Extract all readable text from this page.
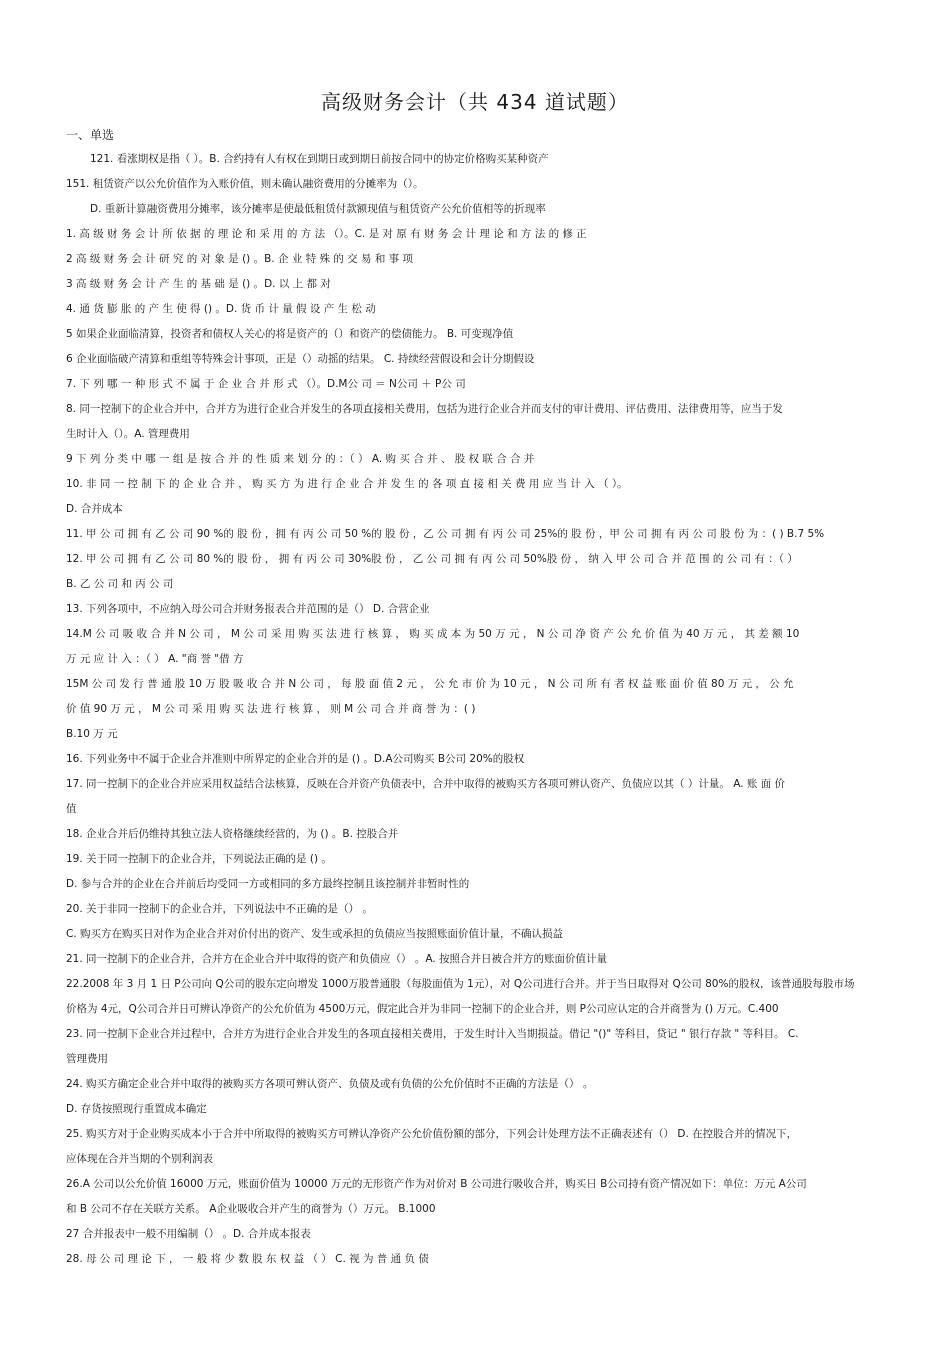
高级财务会计（共 434 道试题）
一、单选
121. 看涨期权是指（ ）。B. 合约持有人有权在到期日或到期日前按合同中的协定价格购买某种资产
151. 租赁资产以公允价值作为入账价值，则未确认融资费用的分摊率为（）。
D. 重新计算融资费用分摊率，该分摊率是使最低租赁付款额现值与租赁资产公允价值相等的折现率
1. 高 级 财 务 会 计 所 依 据 的 理 论 和 采 用 的 方 法 （）。C. 是 对 原 有 财 务 会 计 理 论 和 方 法 的 修 正
2 高 级 财 务 会 计 研 究 的 对 象 是 () 。B. 企 业 特 殊 的 交 易 和 事 项
3 高 级 财 务 会 计 产 生 的 基 础 是 () 。D. 以 上 都 对
4. 通 货 膨 胀 的 产 生 使 得 () 。D. 货 币 计 量 假 设 产 生 松 动
5 如果企业面临清算，投资者和债权人关心的将是资产的（）和资产的偿债能力。 B. 可变现净值
6 企业面临破产清算和重组等特殊会计事项，正是（）动摇的结果。 C. 持续经营假设和会计分期假设
7. 下 列 哪 一 种 形 式 不 属 于 企 业 合 并 形 式 （）。D.M公 司 ＝ N公司 ＋ P公 司
8. 同一控制下的企业合并中，合并方为进行企业合并发生的各项直接相关费用，包括为进行企业合并而支付的审计费用、评估费用、法律费用等，应当于发
生时计入（）。A. 管理费用
9 下 列 分 类 中 哪 一 组 是 按 合 并 的 性 质 来 划 分 的 ：（ ） A. 购 买 合 并 、 股 权 联 合 合 并
10. 非 同 一 控 制 下 的 企 业 合 并 ， 购 买 方 为 进 行 企 业 合 并 发 生 的 各 项 直 接 相 关 费 用 应 当 计 入 （ ）。
D. 合并成本
11. 甲 公 司 拥 有 乙 公 司 90 %的 股 份 ，拥 有 丙 公 司 50 %的 股 份 ，乙 公 司 拥 有 丙 公 司 25%的 股 份 ，甲 公 司 拥 有 丙 公 司 股 份 为 ：( ) B.7 5%
12. 甲 公 司 拥 有 乙 公 司 80 %的 股 份 ， 拥 有 丙 公 司 30%股 份 ， 乙 公 司 拥 有 丙 公 司 50%股 份 ， 纳 入 甲 公 司 合 并 范 围 的 公 司 有 ：（ ）
B. 乙 公 司 和 丙 公 司
13. 下列各项中，不应纳入母公司合并财务报表合并范围的是（） D. 合营企业
14.M 公 司 吸 收 合 并 N 公 司 ， M 公 司 采 用 购 买 法 进 行 核 算 ， 购 买 成 本 为 50 万 元 ， N 公 司 净 资 产 公 允 价 值 为 40 万 元 ， 其 差 额 10
万 元 应 计 入 ：（ ） A. "商 誉 "借 方
15M 公 司 发 行 普 通 股 10 万 股 吸 收 合 并 N 公 司 ， 每 股 面 值 2 元 ， 公 允 市 价 为 10 元 ， N 公 司 所 有 者 权 益 账 面 价 值 80 万 元 ， 公 允
价 值 90 万 元 ， M 公 司 采 用 购 买 法 进 行 核 算 ， 则 M 公 司 合 并 商 誉 为 ：( )
B.10 万 元
16. 下列业务中不属于企业合并准则中所界定的企业合并的是 () 。D.A公司购买 B公司 20%的股权
17. 同一控制下的企业合并应采用权益结合法核算，反映在合并资产负债表中，合并中取得的被购买方各项可辨认资产、负债应以其（ ）计量。 A. 账 面 价
值
18. 企业合并后仍维持其独立法人资格继续经营的，为 () 。B. 控股合并
19. 关于同一控制下的企业合并，下列说法正确的是 () 。
D. 参与合并的企业在合并前后均受同一方或相同的多方最终控制且该控制并非暂时性的
20. 关于非同一控制下的企业合并，下列说法中不正确的是（） 。
C. 购买方在购买日对作为企业合并对价付出的资产、发生或承担的负债应当按照账面价值计量，不确认损益
21. 同一控制下的企业合并，合并方在企业合并中取得的资产和负债应（） 。A. 按照合并日被合并方的账面价值计量
22.2008 年 3 月 1 日 P公司向 Q公司的股东定向增发 1000万股普通股（每股面值为 1元），对 Q公司进行合并。并于当日取得对 Q公司 80%的股权，该普通股每股市场
价格为 4元，Q公司合并日可辨认净资产的公允价值为 4500万元，假定此合并为非同一控制下的企业合并，则 P公司应认定的合并商誉为 () 万元。C.400
23. 同一控制下企业合并过程中，合并方为进行企业合并发生的各项直接相关费用，于发生时计入当期损益。借记 "()" 等科目，贷记 " 银行存款 " 等科目。 C.
管理费用
24. 购买方确定企业合并中取得的被购买方各项可辨认资产、负债及或有负债的公允价值时不正确的方法是（） 。
D. 存货按照现行重置成本确定
25. 购买方对于企业购买成本小于合并中所取得的被购买方可辨认净资产公允价值份额的部分，下列会计处理方法不正确表述有（） D. 在控股合并的情况下，
应体现在合并当期的个别利润表
26.A 公司以公允价值 16000 万元，账面价值为 10000 万元的无形资产作为对价对 B 公司进行吸收合并，购买日 B公司持有资产情况如下：单位：万元 A公司
和 B 公司不存在关联方关系。 A企业吸收合并产生的商誉为（）万元。 B.1000
27 合并报表中一般不用编制（） 。D. 合并成本报表
28. 母 公 司 理 论 下 ， 一 般 将 少 数 股 东 权 益 （ ） C. 视 为 普 通 负 债
